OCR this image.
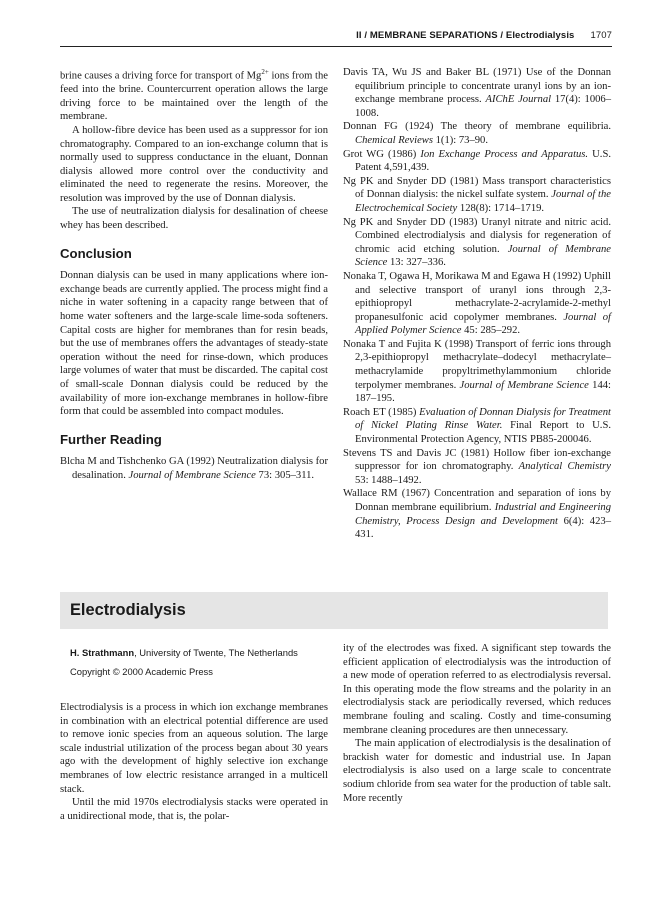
II / MEMBRANE SEPARATIONS / Electrodialysis 1707

brine causes a driving force for transport of $Mg^{2+}$ ions from the feed into the brine. Countercurrent operation allows the large driving force to be maintained over the length of the membrane.

A hollow-fibre device has been used as a suppressor for ion chromatography. Compared to an ion-exchange column that is normally used to suppress conductance in the eluant, Donnan dialysis allowed more control over the conductivity and eliminated the need to regenerate the resins. Moreover, the resolution was improved by the use of Donnan dialysis.

The use of neutralization dialysis for desalination of cheese whey has been described.

Conclusion

Donnan dialysis can be used in many applications where ion-exchange beads are currently applied. The process might find a niche in water softening in a capacity range between that of home water softeners and the large-scale lime-soda softeners. Capital costs are higher for membranes than for resin beads, but the use of membranes offers the advantages of steady-state operation without the need for rinse-down, which produces large volumes of water that must be discarded. The capital cost of small-scale Donnan dialysis could be reduced by the availability of more ion-exchange membranes in hollow-fibre form that could be assembled into compact modules.

Further Reading

Blcha M and Tishchenko GA (1992) Neutralization dialysis for desalination. Journal of Membrane Science 73: 305–311.

Davis TA, Wu JS and Baker BL (1971) Use of the Donnan equilibrium principle to concentrate uranyl ions by an ion-exchange membrane process. AIChE Journal 17(4): 1006–1008.

Donnan FG (1924) The theory of membrane equilibria. Chemical Reviews 1(1): 73–90.

Grot WG (1986) Ion Exchange Process and Apparatus. U.S. Patent 4,591,439.

Ng PK and Snyder DD (1981) Mass transport characteristics of Donnan dialysis: the nickel sulfate system. Journal of the Electrochemical Society 128(8): 1714–1719.

Ng PK and Snyder DD (1983) Uranyl nitrate and nitric acid. Combined electrodialysis and dialysis for regeneration of chromic acid etching solution. Journal of Membrane Science 13: 327–336.

Nonaka T, Ogawa H, Morikawa M and Egawa H (1992) Uphill and selective transport of uranyl ions through 2,3-epithiopropyl methacrylate-2-acrylamide-2-methyl propanesulfonic acid copolymer membranes. Journal of Applied Polymer Science 45: 285–292.

Nonaka T and Fujita K (1998) Transport of ferric ions through 2,3-epithiopropyl methacrylate–dodecyl methacrylate–methacrylamide propyltrimethylammonium chloride terpolymer membranes. Journal of Membrane Science 144: 187–195.

Roach ET (1985) Evaluation of Donnan Dialysis for Treatment of Nickel Plating Rinse Water. Final Report to U.S. Environmental Protection Agency, NTIS PB85-200046.

Stevens TS and Davis JC (1981) Hollow fiber ion-exchange suppressor for ion chromatography. Analytical Chemistry 53: 1488–1492.

Wallace RM (1967) Concentration and separation of ions by Donnan membrane equilibrium. Industrial and Engineering Chemistry, Process Design and Development 6(4): 423–431.

Electrodialysis
H. Strathmann, University of Twente, The Netherlands
Copyright © 2000 Academic Press

Electrodialysis is a process in which ion exchange membranes in combination with an electrical potential difference are used to remove ionic species from an aqueous solution. The large scale industrial utilization of the process began about 30 years ago with the development of highly selective ion exchange membranes of low electric resistance arranged in a multicell stack.

Until the mid 1970s electrodialysis stacks were operated in a unidirectional mode, that is, the polar-

ity of the electrodes was fixed. A significant step towards the efficient application of electrodialysis was the introduction of a new mode of operation referred to as electrodialysis reversal. In this operating mode the flow streams and the polarity in an electrodialysis stack are periodically reversed, which reduces membrane fouling and scaling. Costly and time-consuming membrane cleaning procedures are then unnecessary.

The main application of electrodialysis is the desalination of brackish water for domestic and industrial use. In Japan electrodialysis is also used on a large scale to concentrate sodium chloride from sea water for the production of table salt. More recently
